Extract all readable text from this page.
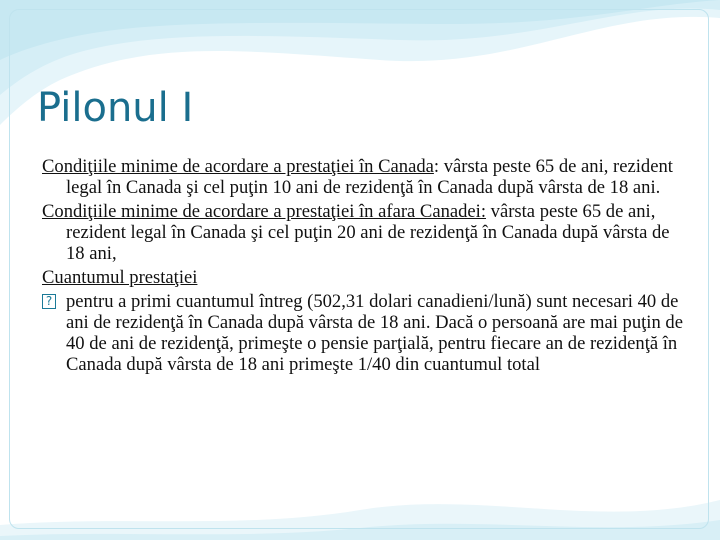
Pilonul I

Condiţiile minime de acordare a prestaţiei în Canada: vârsta peste 65 de ani, rezident legal în Canada şi cel puţin 10 ani de rezidenţă în Canada după vârsta de 18 ani.

Condiţiile minime de acordare a prestaţiei în afara Canadei: vârsta peste 65 de ani, rezident legal în Canada şi cel puţin 20 ani de rezidenţă în Canada după vârsta de 18 ani,

Cuantumul prestaţiei

? pentru a primi cuantumul întreg (502,31 dolari canadieni/lună) sunt necesari 40 de ani de rezidenţă în Canada după vârsta de 18 ani. Dacă o persoană are mai puţin de 40 de ani de rezidenţă, primeşte o pensie parţială, pentru fiecare an de rezidenţă în Canada după vârsta de 18 ani primeşte 1/40 din cuantumul total
